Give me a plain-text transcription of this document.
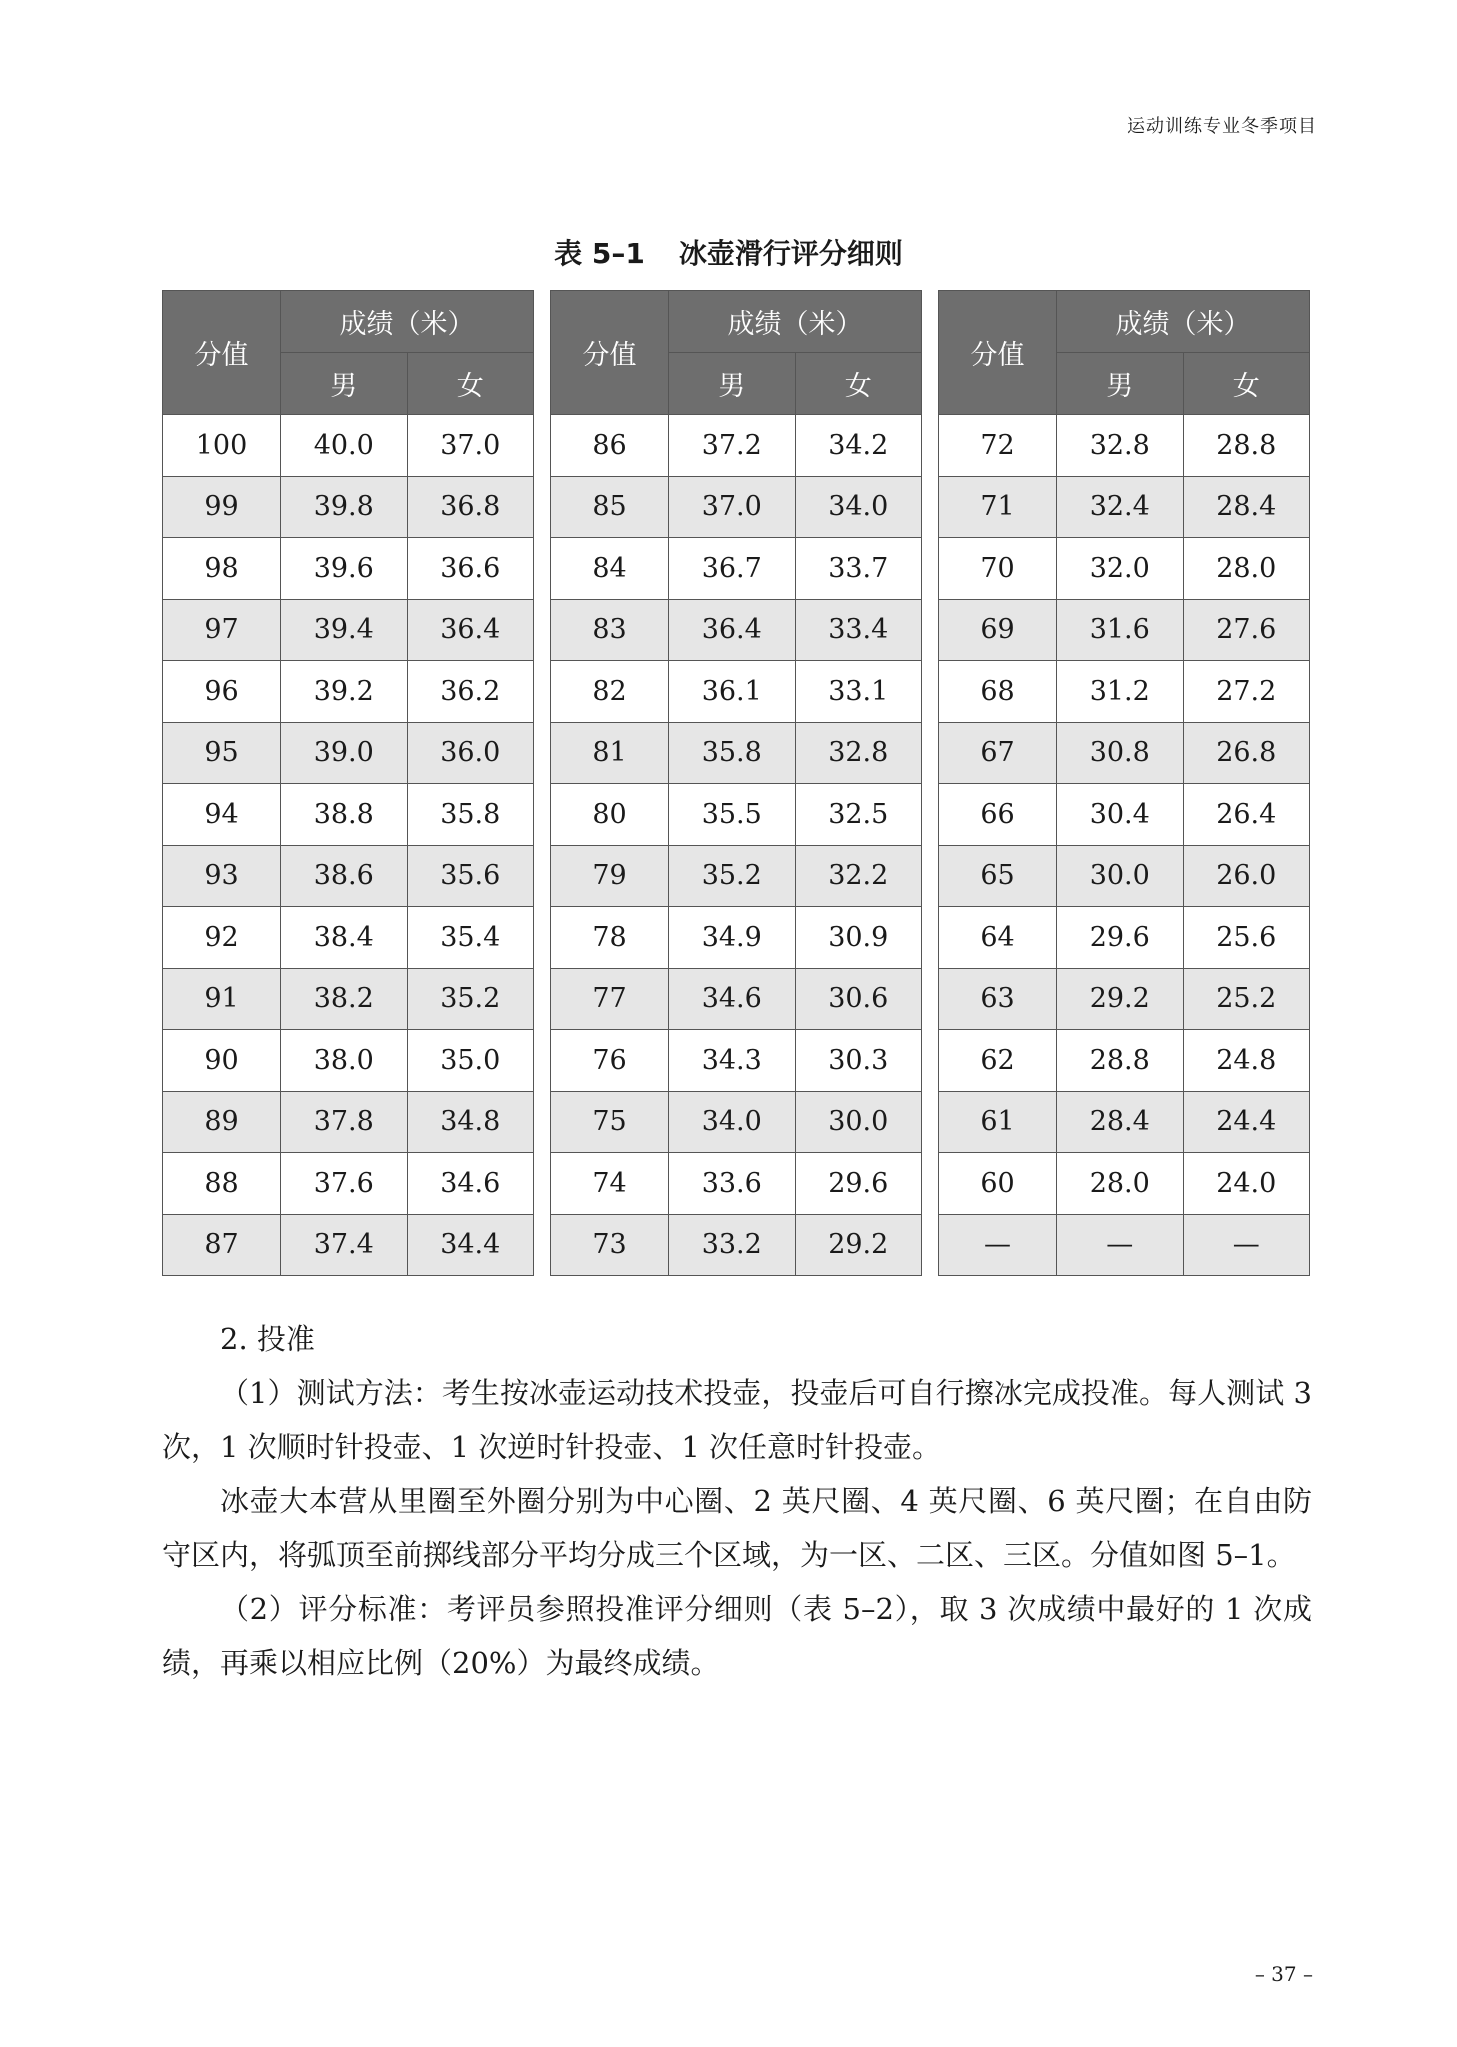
运动训练专业冬季项目
表 5–1 冰壶滑行评分细则
分值	成绩（米）	
	男	女
100	40.0	37.0
99	39.8	36.8
98	39.6	36.6
97	39.4	36.4
96	39.2	36.2
95	39.0	36.0
94	38.8	35.8
93	38.6	35.6
92	38.4	35.4
91	38.2	35.2
90	38.0	35.0
89	37.8	34.8
88	37.6	34.6
87	37.4	34.4
分值	成绩（米）	
	男	女
86	37.2	34.2
85	37.0	34.0
84	36.7	33.7
83	36.4	33.4
82	36.1	33.1
81	35.8	32.8
80	35.5	32.5
79	35.2	32.2
78	34.9	30.9
77	34.6	30.6
76	34.3	30.3
75	34.0	30.0
74	33.6	29.6
73	33.2	29.2
分值	成绩（米）	
	男	女
72	32.8	28.8
71	32.4	28.4
70	32.0	28.0
69	31.6	27.6
68	31.2	27.2
67	30.8	26.8
66	30.4	26.4
65	30.0	26.0
64	29.6	25.6
63	29.2	25.2
62	28.8	24.8
61	28.4	24.4
60	28.0	24.0
—	—	—

2. 投准

（1）测试方法：考生按冰壶运动技术投壶，投壶后可自行擦冰完成投准。每人测试 3 次，1 次顺时针投壶、1 次逆时针投壶、1 次任意时针投壶。

冰壶大本营从里圈至外圈分别为中心圈、2 英尺圈、4 英尺圈、6 英尺圈；在自由防守区内，将弧顶至前掷线部分平均分成三个区域，为一区、二区、三区。分值如图 5–1。

（2）评分标准：考评员参照投准评分细则（表 5–2），取 3 次成绩中最好的 1 次成绩，再乘以相应比例（20%）为最终成绩。

– 37 –
